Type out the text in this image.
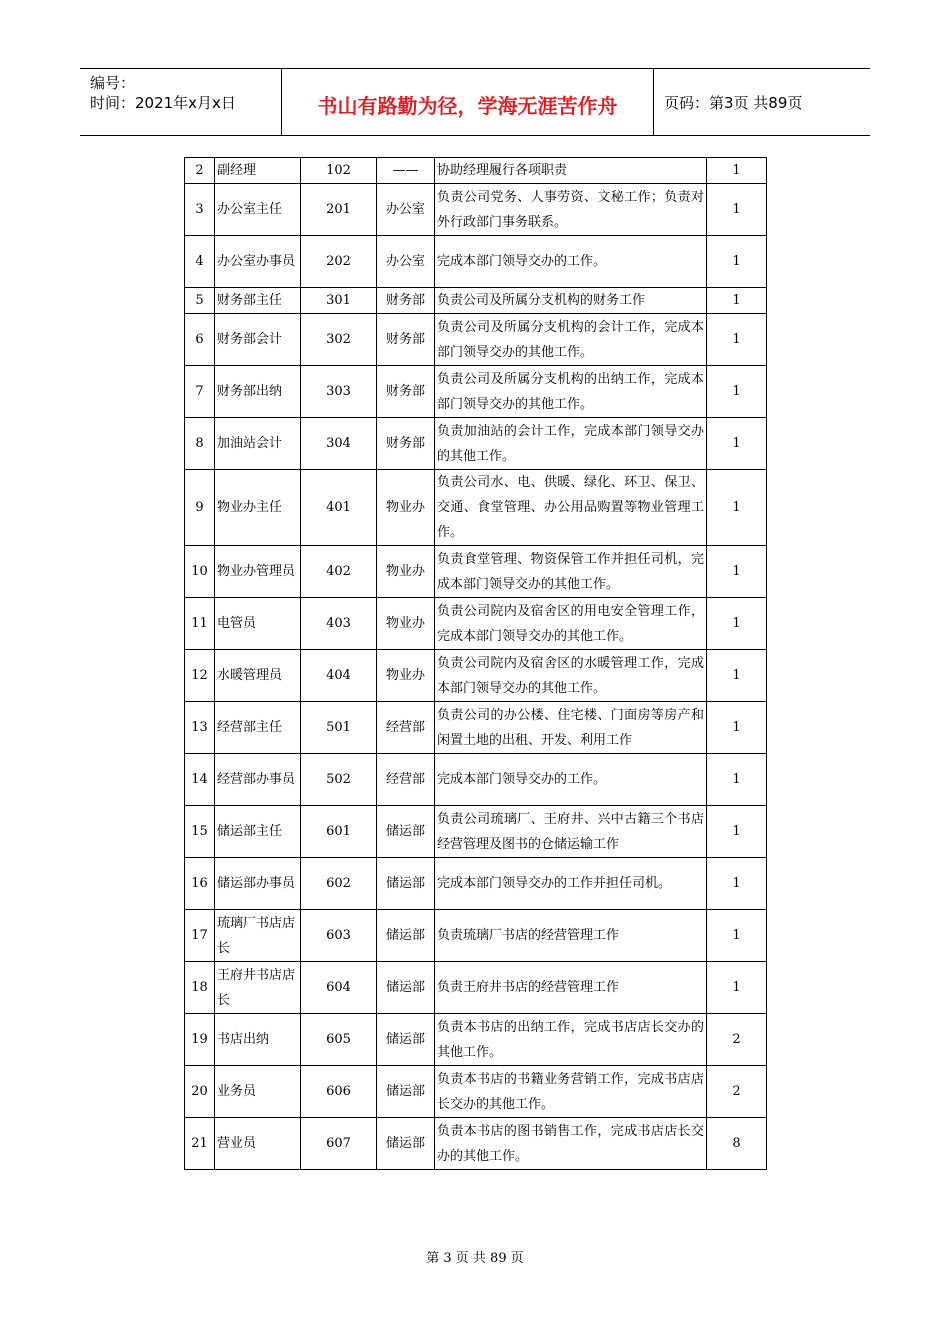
编号：
时间：2021年x月x日	书山有路勤为径，学海无涯苦作舟	页码：第3页 共89页
2	副经理	102	——	协助经理履行各项职责	1
3	办公室主任	201	办公室	负责公司党务、人事劳资、文秘工作；负责对外行政部门事务联系。	1
4	办公室办事员	202	办公室	完成本部门领导交办的工作。	1
5	财务部主任	301	财务部	负责公司及所属分支机构的财务工作	1
6	财务部会计	302	财务部	负责公司及所属分支机构的会计工作，完成本部门领导交办的其他工作。	1
7	财务部出纳	303	财务部	负责公司及所属分支机构的出纳工作，完成本部门领导交办的其他工作。	1
8	加油站会计	304	财务部	负责加油站的会计工作，完成本部门领导交办的其他工作。	1
9	物业办主任	401	物业办	负责公司水、电、供暖、绿化、环卫、保卫、交通、食堂管理、办公用品购置等物业管理工作。	1
10	物业办管理员	402	物业办	负责食堂管理、物资保管工作并担任司机，完成本部门领导交办的其他工作。	1
11	电管员	403	物业办	负责公司院内及宿舍区的用电安全管理工作，完成本部门领导交办的其他工作。	1
12	水暖管理员	404	物业办	负责公司院内及宿舍区的水暖管理工作，完成本部门领导交办的其他工作。	1
13	经营部主任	501	经营部	负责公司的办公楼、住宅楼、门面房等房产和闲置土地的出租、开发、利用工作	1
14	经营部办事员	502	经营部	完成本部门领导交办的工作。	1
15	储运部主任	601	储运部	负责公司琉璃厂、王府井、兴中古籍三个书店经营管理及图书的仓储运输工作	1
16	储运部办事员	602	储运部	完成本部门领导交办的工作并担任司机。	1
17	琉璃厂书店店长	603	储运部	负责琉璃厂书店的经营管理工作	1
18	王府井书店店长	604	储运部	负责王府井书店的经营管理工作	1
19	书店出纳	605	储运部	负责本书店的出纳工作，完成书店店长交办的其他工作。	2
20	业务员	606	储运部	负责本书店的书籍业务营销工作，完成书店店长交办的其他工作。	2
21	营业员	607	储运部	负责本书店的图书销售工作，完成书店店长交办的其他工作。	8
第 3 页 共 89 页
